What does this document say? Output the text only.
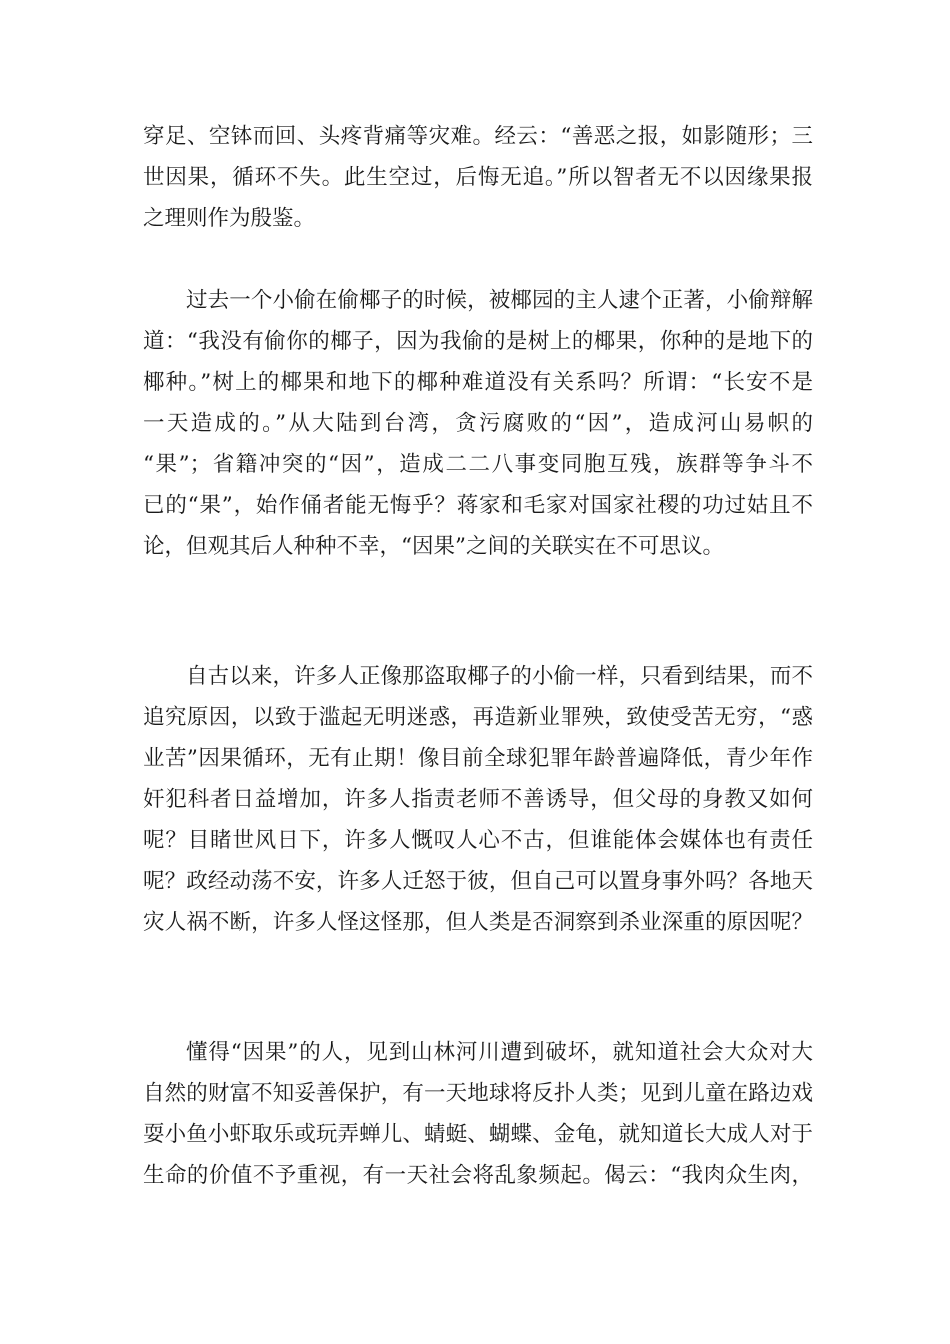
穿足、空钵而回、头疼背痛等灾难。经云：“善恶之报，如影随形；三
世因果，循环不失。此生空过，后悔无追。”所以智者无不以因缘果报
之理则作为殷鉴。

过去一个小偷在偷椰子的时候，被椰园的主人逮个正著，小偷辩解
道：“我没有偷你的椰子，因为我偷的是树上的椰果，你种的是地下的
椰种。”树上的椰果和地下的椰种难道没有关系吗？所谓：“长安不是
一天造成的。”从大陆到台湾，贪污腐败的“因”，造成河山易帜的
“果”；省籍冲突的“因”，造成二二八事变同胞互残，族群等争斗不
已的“果”，始作俑者能无悔乎？蒋家和毛家对国家社稷的功过姑且不
论，但观其后人种种不幸，“因果”之间的关联实在不可思议。

自古以来，许多人正像那盗取椰子的小偷一样，只看到结果，而不
追究原因，以致于滥起无明迷惑，再造新业罪殃，致使受苦无穷，“惑
业苦”因果循环，无有止期！像目前全球犯罪年龄普遍降低，青少年作
奸犯科者日益增加，许多人指责老师不善诱导，但父母的身教又如何
呢？目睹世风日下，许多人慨叹人心不古，但谁能体会媒体也有责任
呢？政经动荡不安，许多人迁怒于彼，但自己可以置身事外吗？各地天
灾人祸不断，许多人怪这怪那，但人类是否洞察到杀业深重的原因呢？

懂得“因果”的人，见到山林河川遭到破坏，就知道社会大众对大
自然的财富不知妥善保护，有一天地球将反扑人类；见到儿童在路边戏
耍小鱼小虾取乐或玩弄蝉儿、蜻蜓、蝴蝶、金龟，就知道长大成人对于
生命的价值不予重视，有一天社会将乱象频起。偈云：“我肉众生肉，
